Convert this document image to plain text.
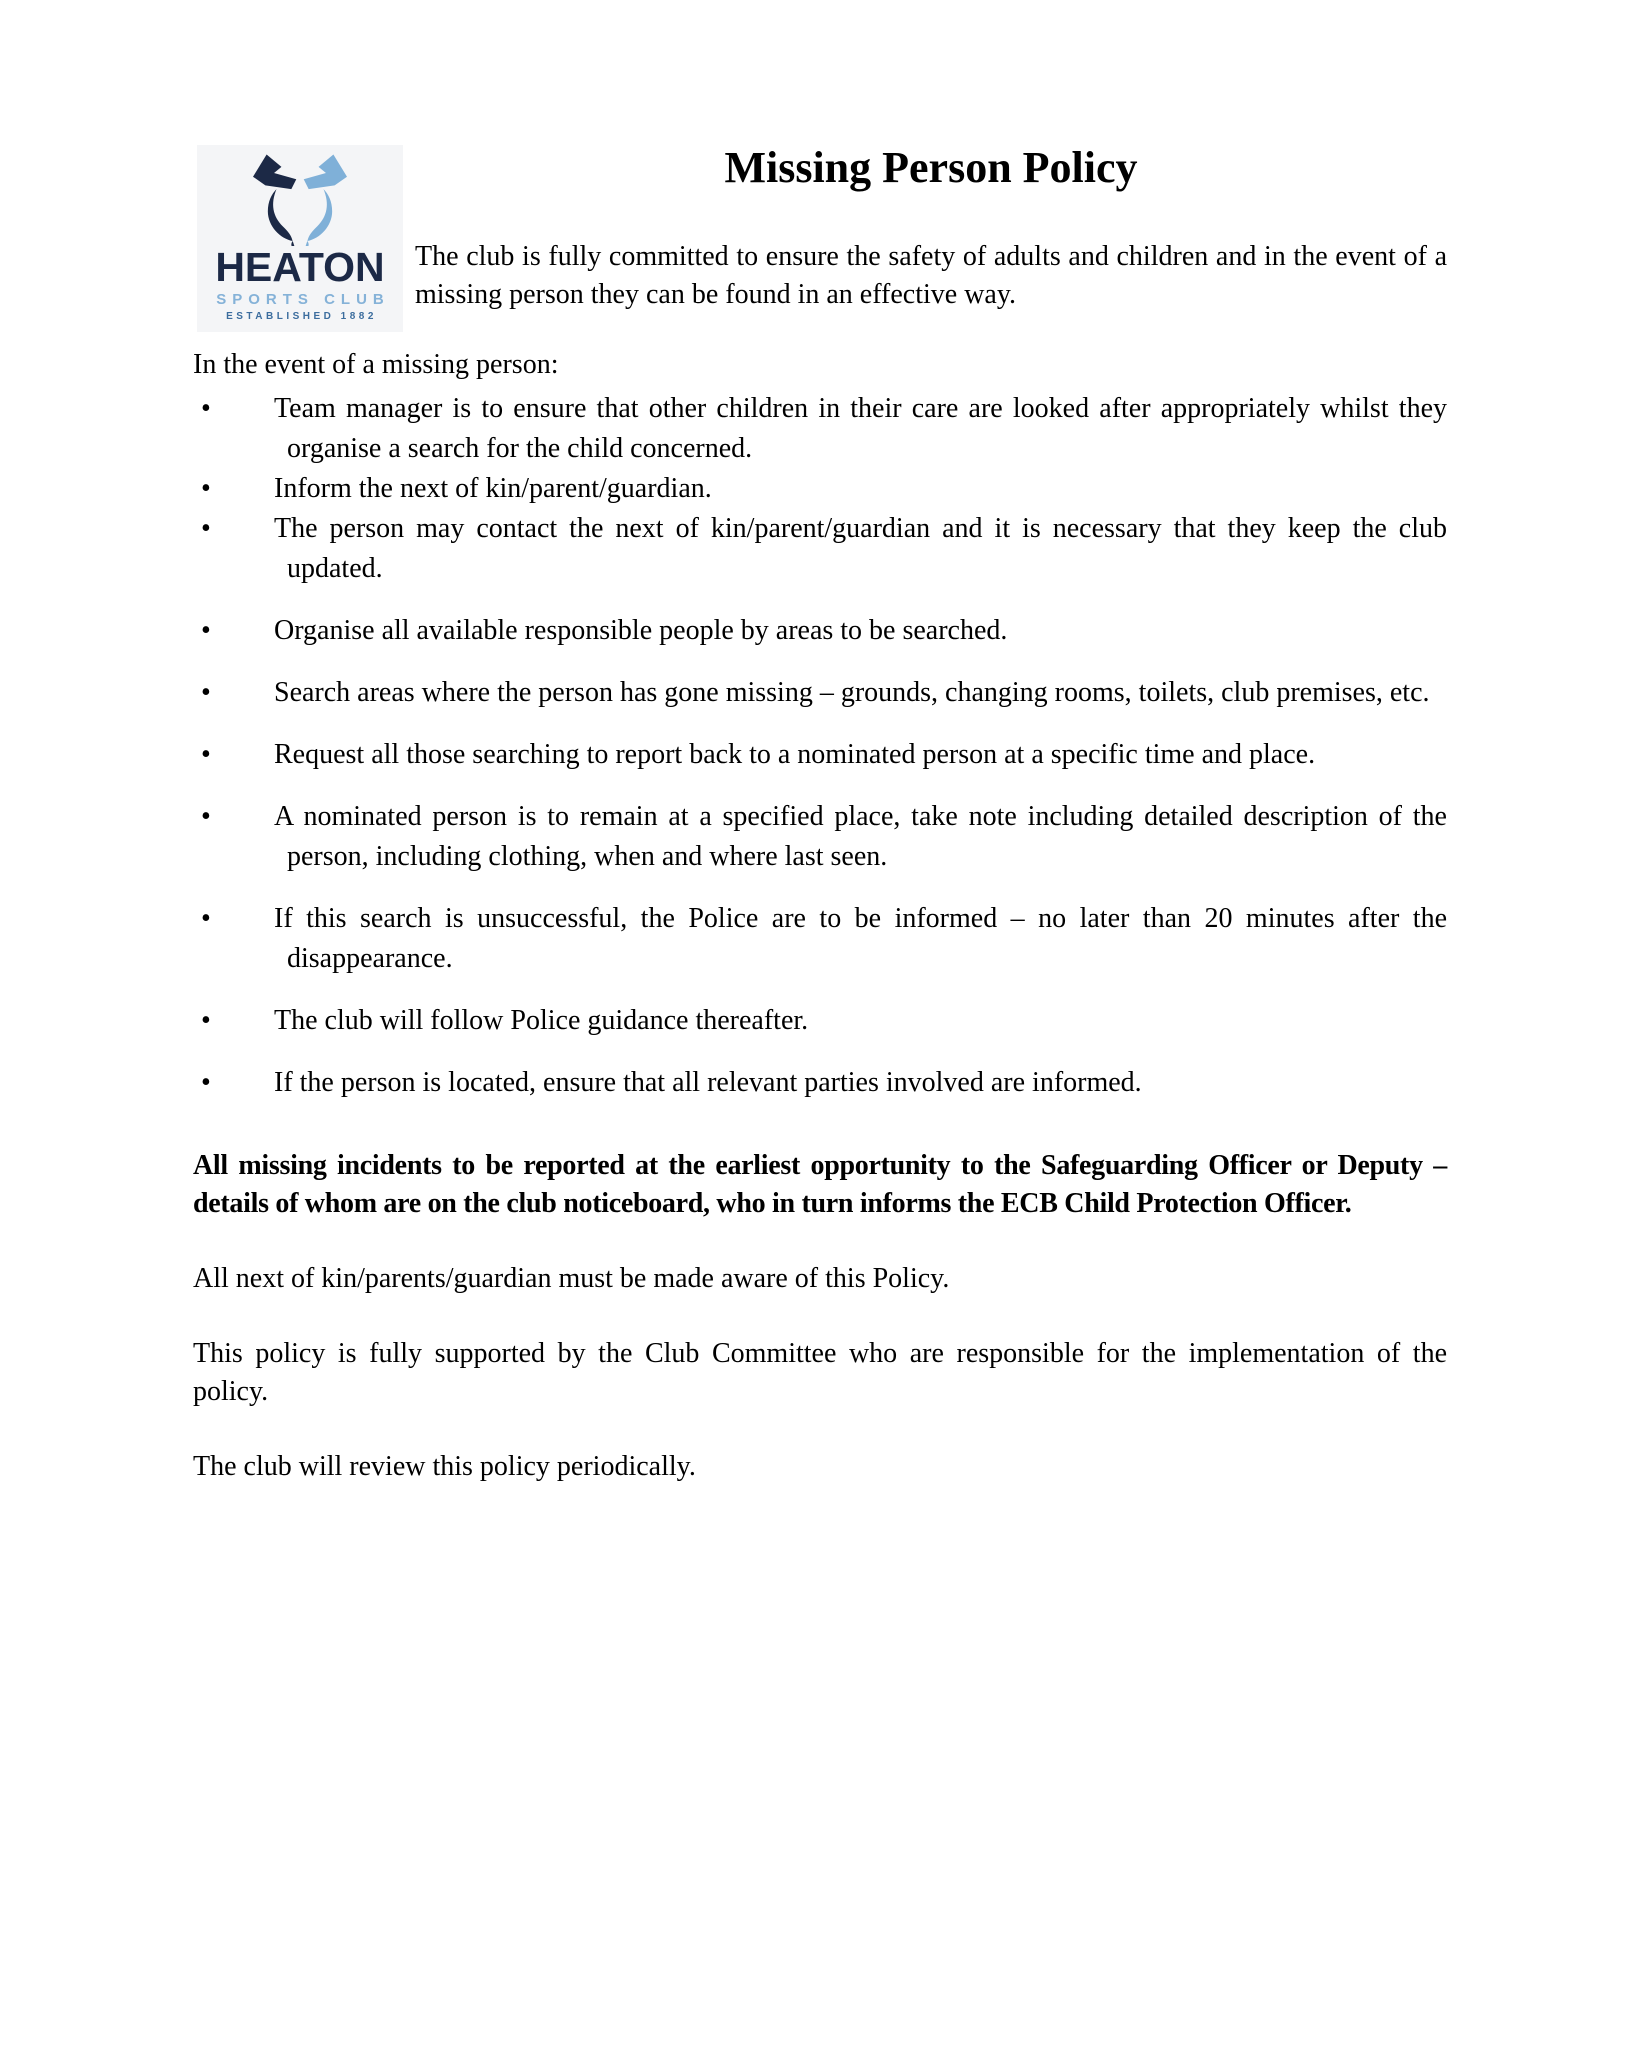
HEATON
SPORTS CLUB
ESTABLISHED 1882
Missing Person Policy

The club is fully committed to ensure the safety of adults and children and in the event of a missing person they can be found in an effective way.

In the event of a missing person:

• Team manager is to ensure that other children in their care are looked after appropriately whilst they organise a search for the child concerned.
• Inform the next of kin/parent/guardian.
• The person may contact the next of kin/parent/guardian and it is necessary that they keep the club updated.
• Organise all available responsible people by areas to be searched.
• Search areas where the person has gone missing – grounds, changing rooms, toilets, club premises, etc.
• Request all those searching to report back to a nominated person at a specific time and place.
• A nominated person is to remain at a specified place, take note including detailed description of the person, including clothing, when and where last seen.
• If this search is unsuccessful, the Police are to be informed – no later than 20 minutes after the disappearance.
• The club will follow Police guidance thereafter.
• If the person is located, ensure that all relevant parties involved are informed.

All missing incidents to be reported at the earliest opportunity to the Safeguarding Officer or Deputy – details of whom are on the club noticeboard, who in turn informs the ECB Child Protection Officer.

All next of kin/parents/guardian must be made aware of this Policy.

This policy is fully supported by the Club Committee who are responsible for the implementation of the policy.

The club will review this policy periodically.
